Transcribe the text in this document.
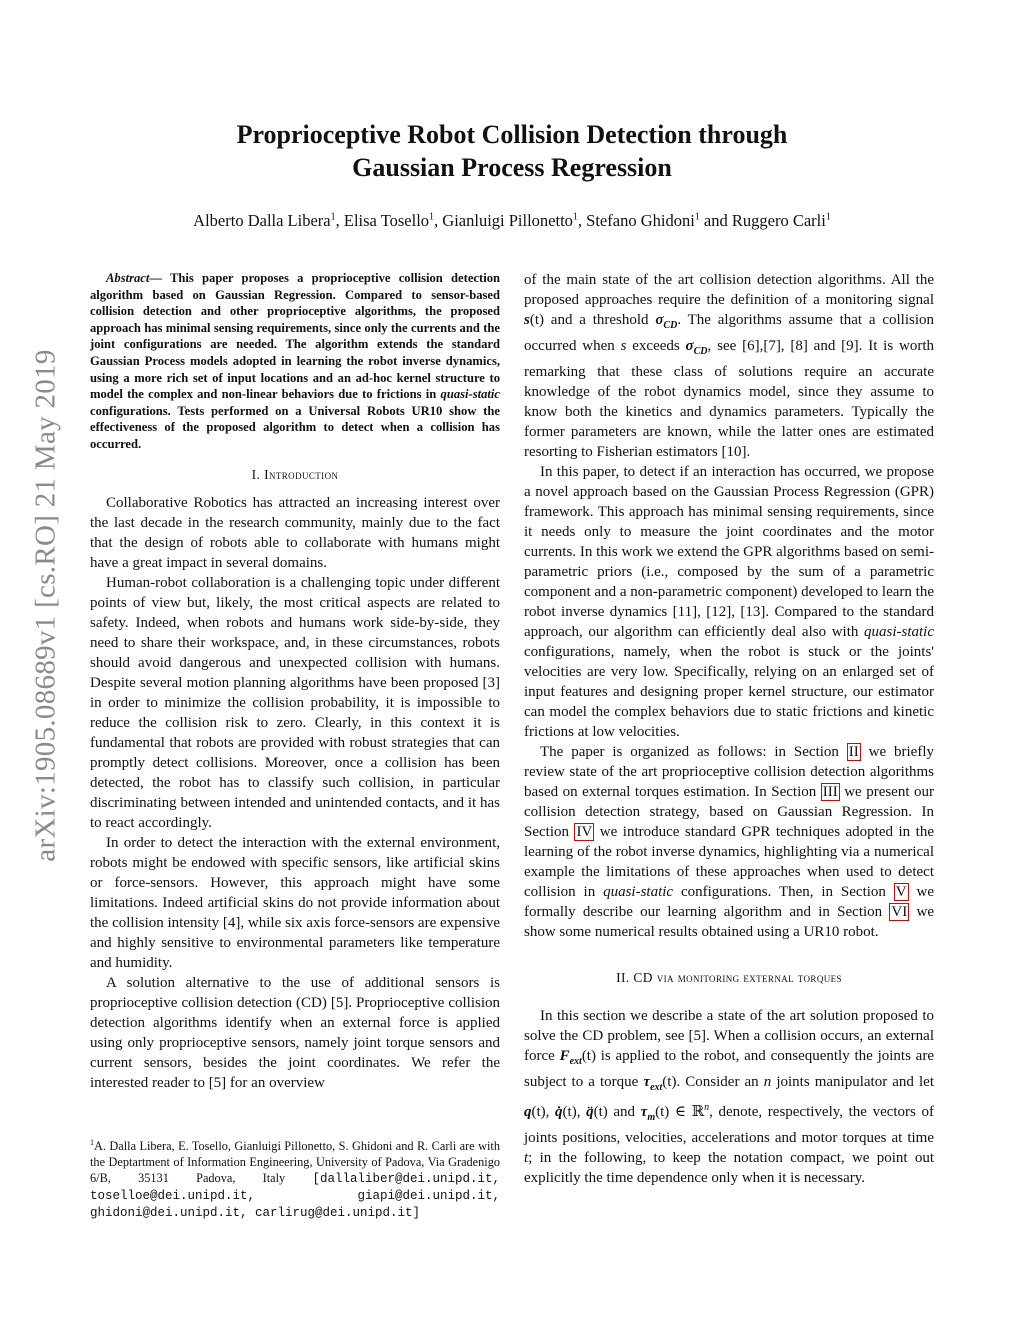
arXiv:1905.08689v1 [cs.RO] 21 May 2019
Proprioceptive Robot Collision Detection through
Gaussian Process Regression
Alberto Dalla Libera$^1$, Elisa Tosello$^1$, Gianluigi Pillonetto$^1$, Stefano Ghidoni$^1$ and Ruggero Carli$^1$

Abstract— This paper proposes a proprioceptive collision detection algorithm based on Gaussian Regression. Compared to sensor-based collision detection and other proprioceptive algorithms, the proposed approach has minimal sensing requirements, since only the currents and the joint configurations are needed. The algorithm extends the standard Gaussian Process models adopted in learning the robot inverse dynamics, using a more rich set of input locations and an ad-hoc kernel structure to model the complex and non-linear behaviors due to frictions in quasi-static configurations. Tests performed on a Universal Robots UR10 show the effectiveness of the proposed algorithm to detect when a collision has occurred.

I. Introduction

Collaborative Robotics has attracted an increasing interest over the last decade in the research community, mainly due to the fact that the design of robots able to collaborate with humans might have a great impact in several domains.

Human-robot collaboration is a challenging topic under different points of view but, likely, the most critical aspects are related to safety. Indeed, when robots and humans work side-by-side, they need to share their workspace, and, in these circumstances, robots should avoid dangerous and unexpected collision with humans. Despite several motion planning algorithms have been proposed [3] in order to minimize the collision probability, it is impossible to reduce the collision risk to zero. Clearly, in this context it is fundamental that robots are provided with robust strategies that can promptly detect collisions. Moreover, once a collision has been detected, the robot has to classify such collision, in particular discriminating between intended and unintended contacts, and it has to react accordingly.

In order to detect the interaction with the external environment, robots might be endowed with specific sensors, like artificial skins or force-sensors. However, this approach might have some limitations. Indeed artificial skins do not provide information about the collision intensity [4], while six axis force-sensors are expensive and highly sensitive to environmental parameters like temperature and humidity.

A solution alternative to the use of additional sensors is proprioceptive collision detection (CD) [5]. Proprioceptive collision detection algorithms identify when an external force is applied using only proprioceptive sensors, namely joint torque sensors and current sensors, besides the joint coordinates. We refer the interested reader to [5] for an overview

$^1$A. Dalla Libera, E. Tosello, Gianluigi Pillonetto, S. Ghidoni and R. Carli are with the Deptartment of Information Engineering, University of Padova, Via Gradenigo 6/B, 35131 Padova, Italy [dallaliber@dei.unipd.it, toselloe@dei.unipd.it, giapi@dei.unipd.it, ghidoni@dei.unipd.it, carlirug@dei.unipd.it]

of the main state of the art collision detection algorithms. All the proposed approaches require the definition of a monitoring signal s(t) and a threshold $\sigma_{CD}$. The algorithms assume that a collision occurred when s exceeds $\sigma_{CD}$, see [6],[7], [8] and [9]. It is worth remarking that these class of solutions require an accurate knowledge of the robot dynamics model, since they assume to know both the kinetics and dynamics parameters. Typically the former parameters are known, while the latter ones are estimated resorting to Fisherian estimators [10].

In this paper, to detect if an interaction has occurred, we propose a novel approach based on the Gaussian Process Regression (GPR) framework. This approach has minimal sensing requirements, since it needs only to measure the joint coordinates and the motor currents. In this work we extend the GPR algorithms based on semi-parametric priors (i.e., composed by the sum of a parametric component and a non-parametric component) developed to learn the robot inverse dynamics [11], [12], [13]. Compared to the standard approach, our algorithm can efficiently deal also with quasi-static configurations, namely, when the robot is stuck or the joints' velocities are very low. Specifically, relying on an enlarged set of input features and designing proper kernel structure, our estimator can model the complex behaviors due to static frictions and kinetic frictions at low velocities.

The paper is organized as follows: in Section II we briefly review state of the art proprioceptive collision detection algorithms based on external torques estimation. In Section III we present our collision detection strategy, based on Gaussian Regression. In Section IV we introduce standard GPR techniques adopted in the learning of the robot inverse dynamics, highlighting via a numerical example the limitations of these approaches when used to detect collision in quasi-static configurations. Then, in Section V we formally describe our learning algorithm and in Section VI we show some numerical results obtained using a UR10 robot.

II. CD via monitoring external torques

In this section we describe a state of the art solution proposed to solve the CD problem, see [5]. When a collision occurs, an external force $F_{ext}(t)$ is applied to the robot, and consequently the joints are subject to a torque $\tau_{ext}(t)$. Consider an n joints manipulator and let q(t), q̇(t), q̈(t) and $\tau_m(t)$ ∈ ℝ$^n$, denote, respectively, the vectors of joints positions, velocities, accelerations and motor torques at time t; in the following, to keep the notation compact, we point out explicitly the time dependence only when it is necessary.
